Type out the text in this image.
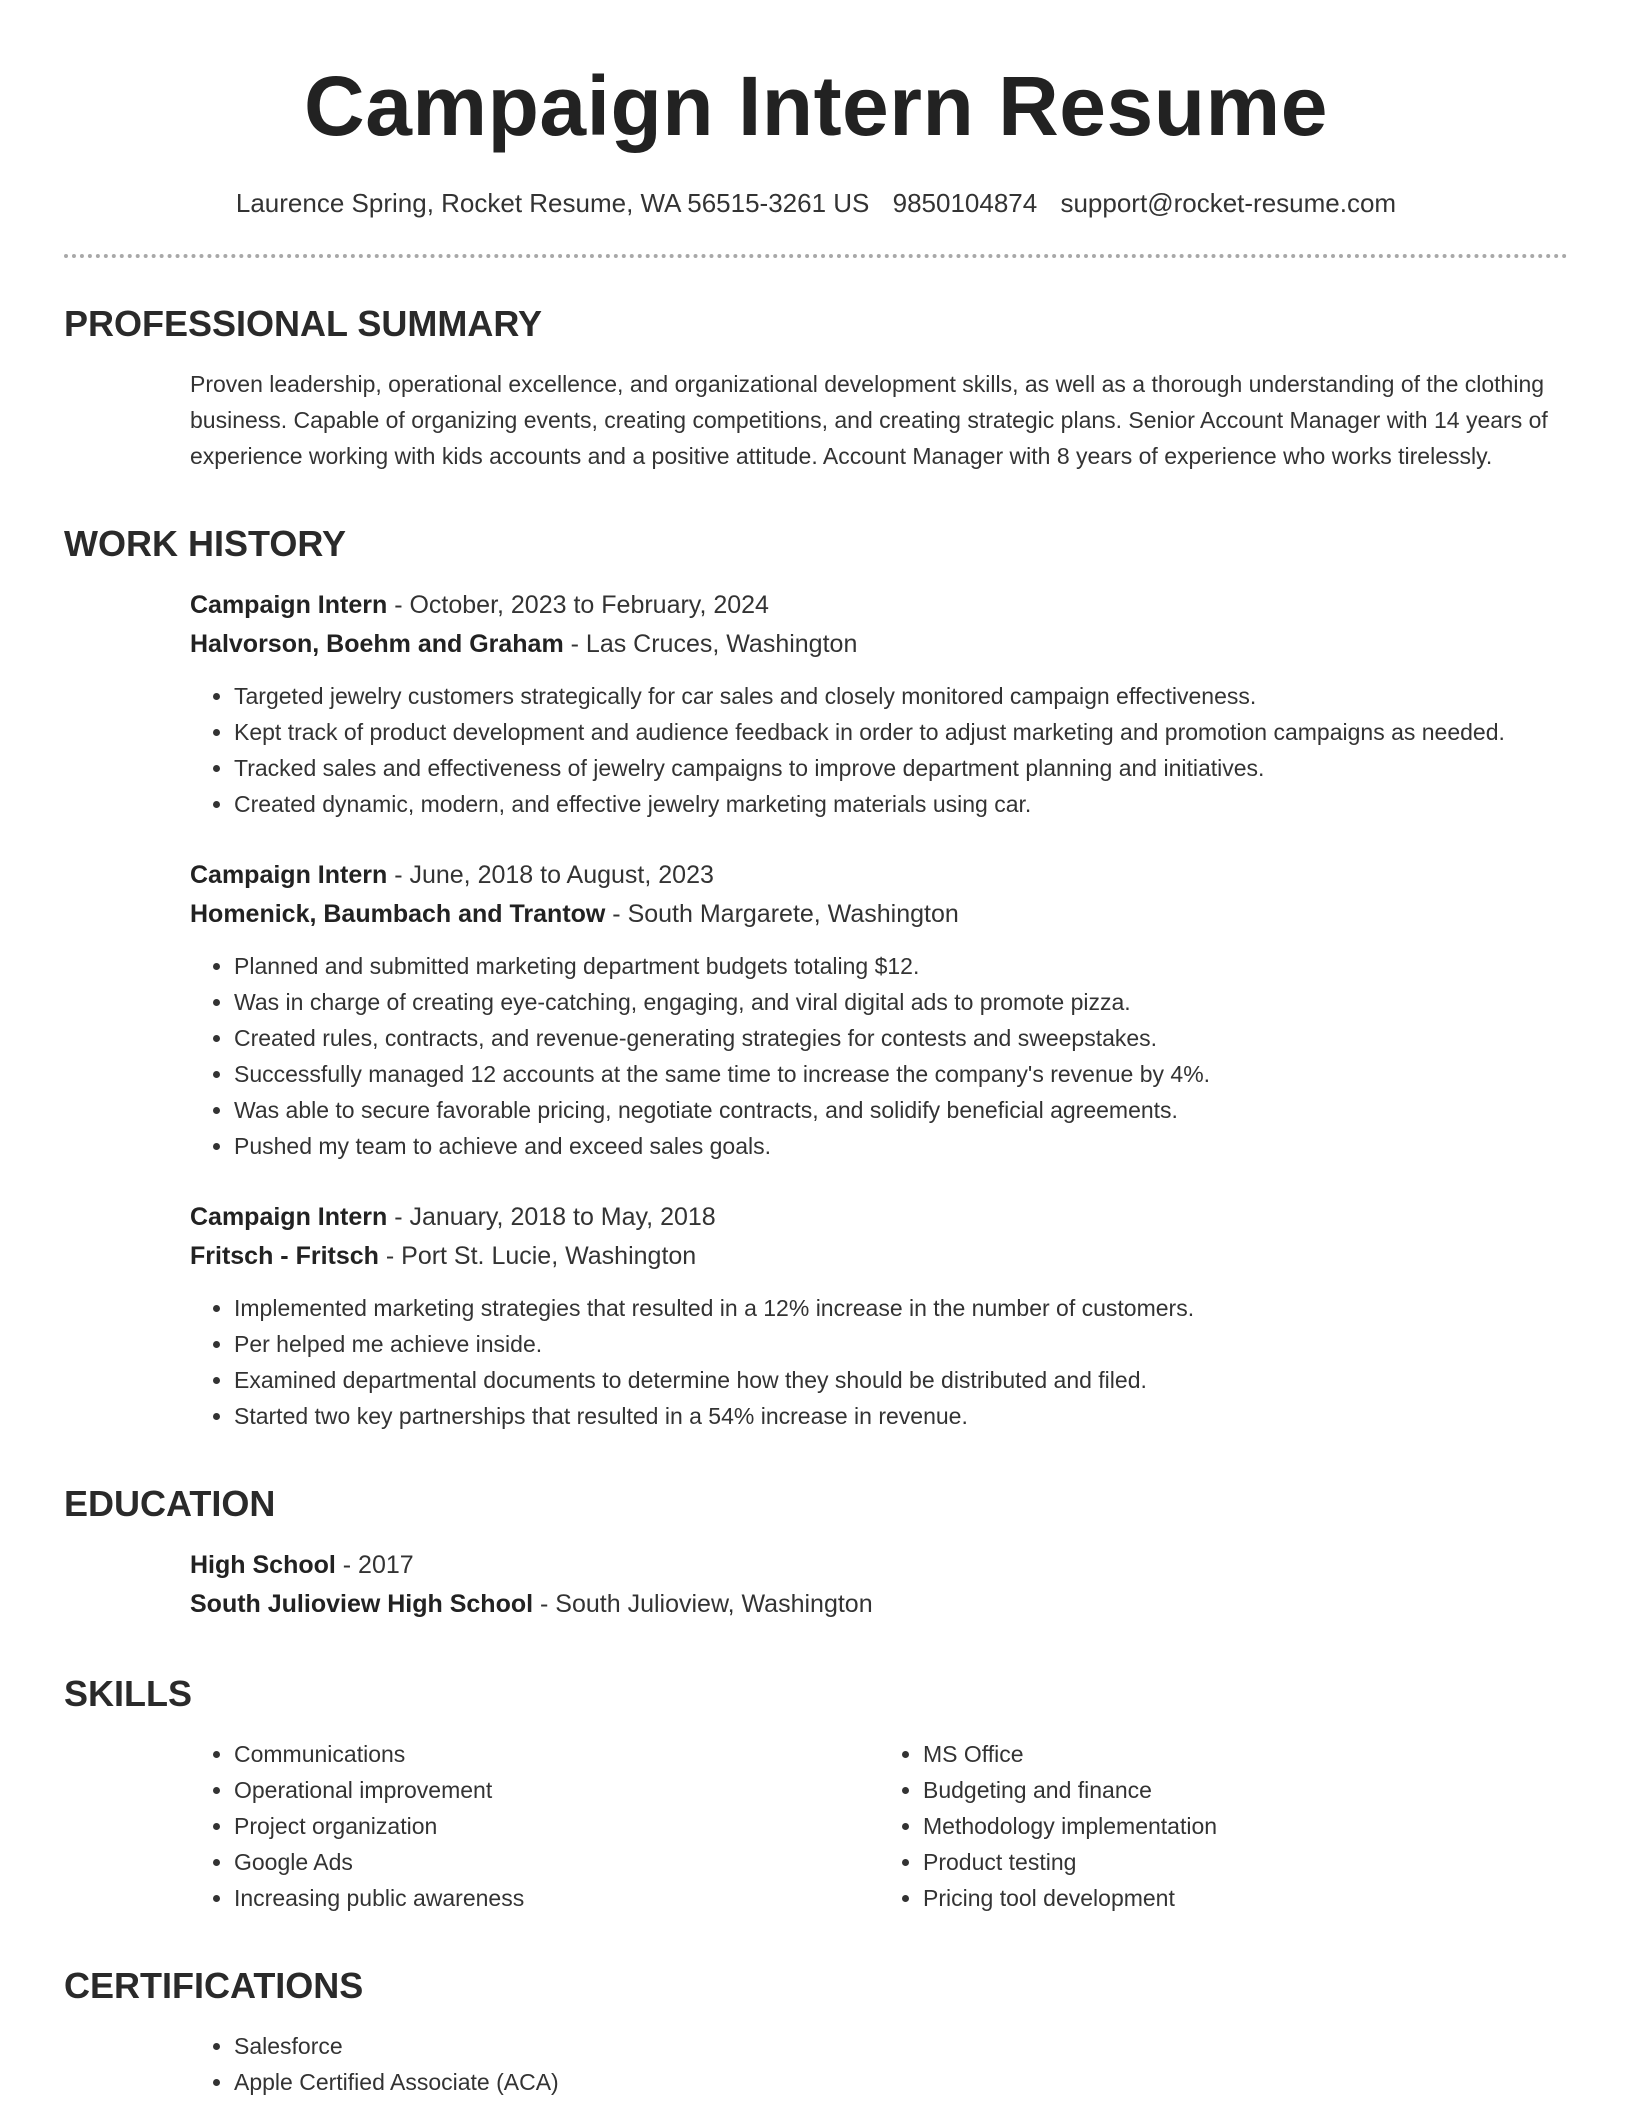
Campaign Intern Resume
Laurence Spring, Rocket Resume, WA 56515-3261 US 9850104874 support@rocket-resume.com
PROFESSIONAL SUMMARY

Proven leadership, operational excellence, and organizational development skills, as well as a thorough understanding of the clothing business. Capable of organizing events, creating competitions, and creating strategic plans. Senior Account Manager with 14 years of experience working with kids accounts and a positive attitude. Account Manager with 8 years of experience who works tirelessly.

WORK HISTORY
Campaign Intern - October, 2023 to February, 2024
Halvorson, Boehm and Graham - Las Cruces, Washington
• Targeted jewelry customers strategically for car sales and closely monitored campaign effectiveness.
• Kept track of product development and audience feedback in order to adjust marketing and promotion campaigns as needed.
• Tracked sales and effectiveness of jewelry campaigns to improve department planning and initiatives.
• Created dynamic, modern, and effective jewelry marketing materials using car.
Campaign Intern - June, 2018 to August, 2023
Homenick, Baumbach and Trantow - South Margarete, Washington
• Planned and submitted marketing department budgets totaling $12.
• Was in charge of creating eye-catching, engaging, and viral digital ads to promote pizza.
• Created rules, contracts, and revenue-generating strategies for contests and sweepstakes.
• Successfully managed 12 accounts at the same time to increase the company's revenue by 4%.
• Was able to secure favorable pricing, negotiate contracts, and solidify beneficial agreements.
• Pushed my team to achieve and exceed sales goals.
Campaign Intern - January, 2018 to May, 2018
Fritsch - Fritsch - Port St. Lucie, Washington
• Implemented marketing strategies that resulted in a 12% increase in the number of customers.
• Per helped me achieve inside.
• Examined departmental documents to determine how they should be distributed and filed.
• Started two key partnerships that resulted in a 54% increase in revenue.
EDUCATION
High School - 2017
South Julioview High School - South Julioview, Washington
SKILLS
• Communications
• Operational improvement
• Project organization
• Google Ads
• Increasing public awareness
• MS Office
• Budgeting and finance
• Methodology implementation
• Product testing
• Pricing tool development
CERTIFICATIONS
• Salesforce
• Apple Certified Associate (ACA)
